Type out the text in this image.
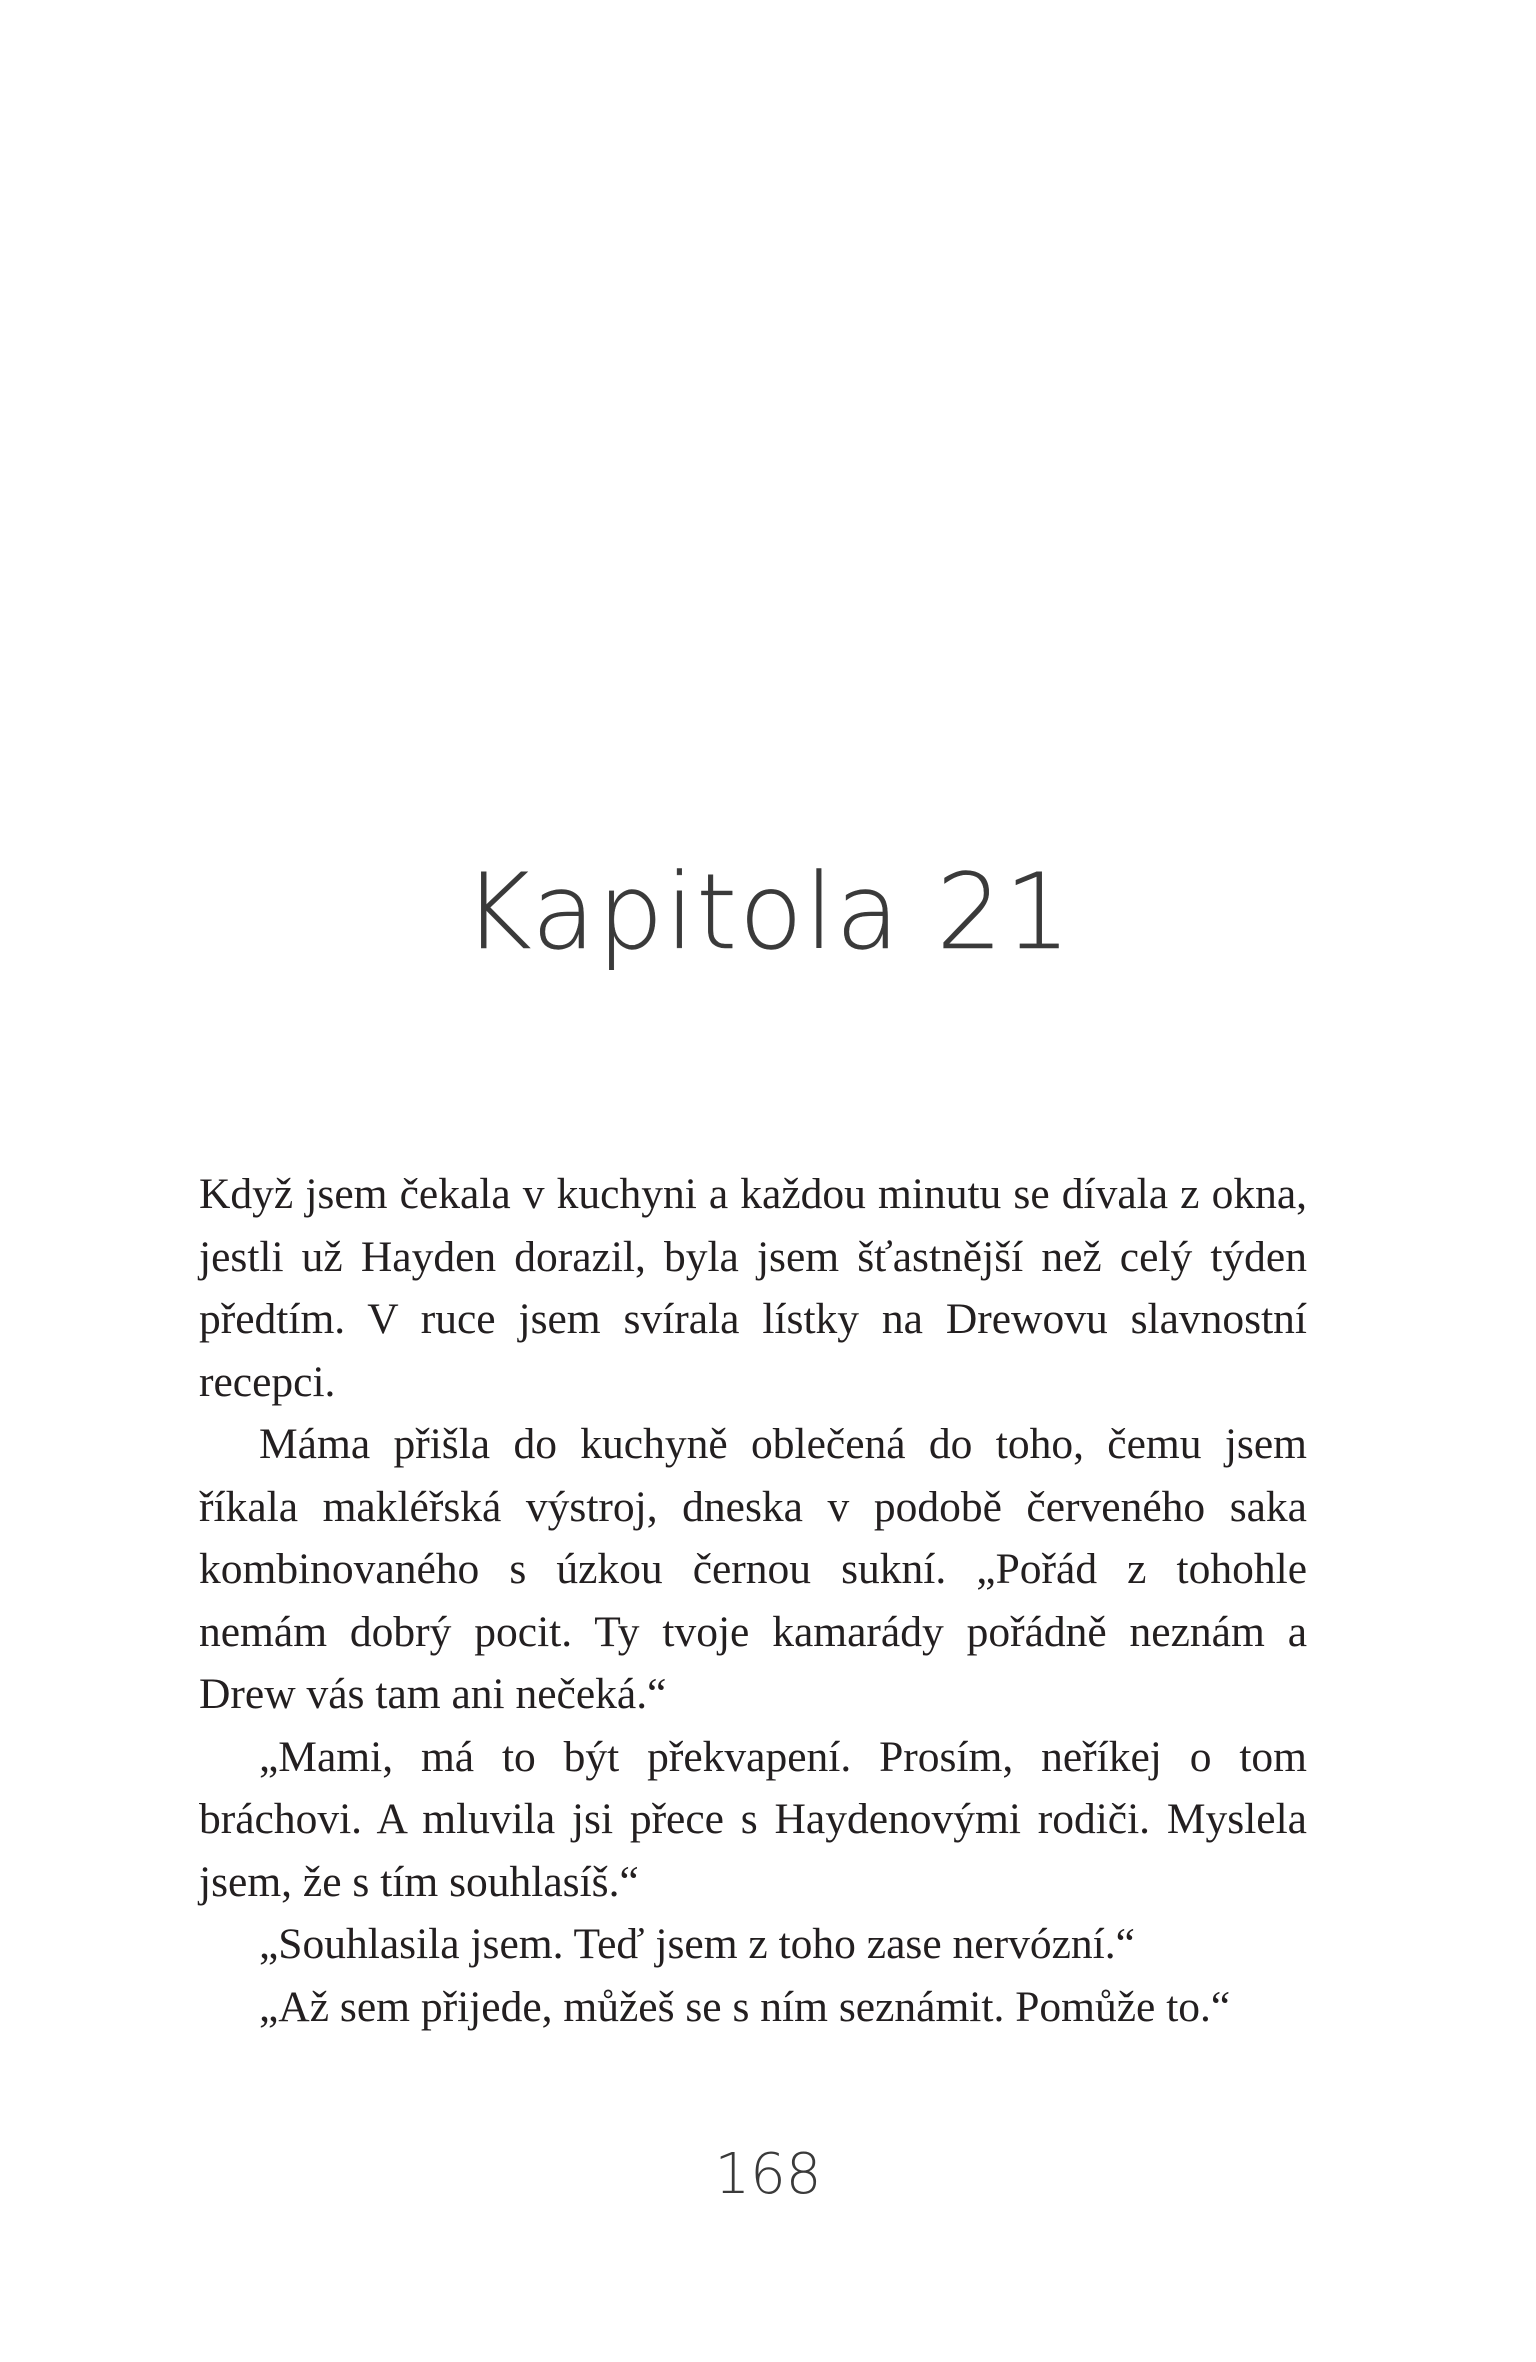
Kapitola 21

Když jsem čekala v kuchyni a každou minutu se dívala z okna, jestli už Hayden dorazil, byla jsem šťastnější než celý týden předtím. V ruce jsem svírala lístky na Drewovu slavnostní recepci.

Máma přišla do kuchyně oblečená do toho, čemu jsem říkala makléřská výstroj, dneska v podobě červeného saka kombinovaného s úzkou černou sukní. „Pořád z tohohle nemám dobrý pocit. Ty tvoje kamarády pořádně neznám a Drew vás tam ani nečeká.“

„Mami, má to být překvapení. Prosím, neříkej o tom bráchovi. A mluvila jsi přece s Haydenovými rodiči. Myslela jsem, že s tím souhlasíš.“

„Souhlasila jsem. Teď jsem z toho zase nervózní.“

„Až sem přijede, můžeš se s ním seznámit. Pomůže to.“

168
